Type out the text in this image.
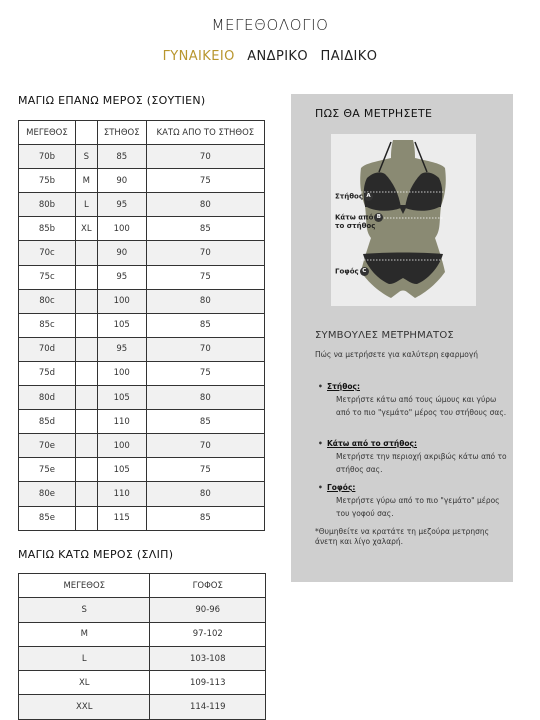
ΜΕΓΕΘΟΛΟΓΙΟ
ΓΥΝΑΙΚΕΙΟ ΑΝΔΡΙΚΟ ΠΑΙΔΙΚΟ
ΜΑΓΙΩ ΕΠΑΝΩ ΜΕΡΟΣ (ΣΟΥΤΙΕΝ)
ΜΕΓΕΘΟΣ		ΣΤΗΘΟΣ	ΚΑΤΩ ΑΠΟ ΤΟ ΣΤΗΘΟΣ
70b	S	85	70
75b	M	90	75
80b	L	95	80
85b	XL	100	85
70c		90	70
75c		95	75
80c		100	80
85c		105	85
70d		95	70
75d		100	75
80d		105	80
85d		110	85
70e		100	70
75e		105	75
80e		110	80
85e		115	85
ΜΑΓΙΩ ΚΑΤΩ ΜΕΡΟΣ (ΣΛΙΠ)
ΜΕΓΕΘΟΣ	ΓΟΦΟΣ
S	90-96
M	97-102
L	103-108
XL	109-113
XXL	114-119
ΠΩΣ ΘΑ ΜΕΤΡΗΣΕΤΕ
Στήθος A
Κάτω από B
το στήθος
Γοφός C
ΣΥΜΒΟΥΛΕΣ ΜΕΤΡΗΜΑΤΟΣ
Πώς να μετρήσετε για καλύτερη εφαρμογή
• Στήθος:
Μετρήστε κάτω από τους ώμους και γύρω από το πιο "γεμάτο" μέρος του στήθους σας.
• Κάτω από το στήθος:
Μετρήστε την περιοχή ακριβώς κάτω από το στήθος σας.
• Γοφός:
Μετρήστε γύρω από το πιο "γεμάτο" μέρος του γοφού σας.
*Θυμηθείτε να κρατάτε τη μεζούρα μετρησης άνετη και λίγο χαλαρή.
